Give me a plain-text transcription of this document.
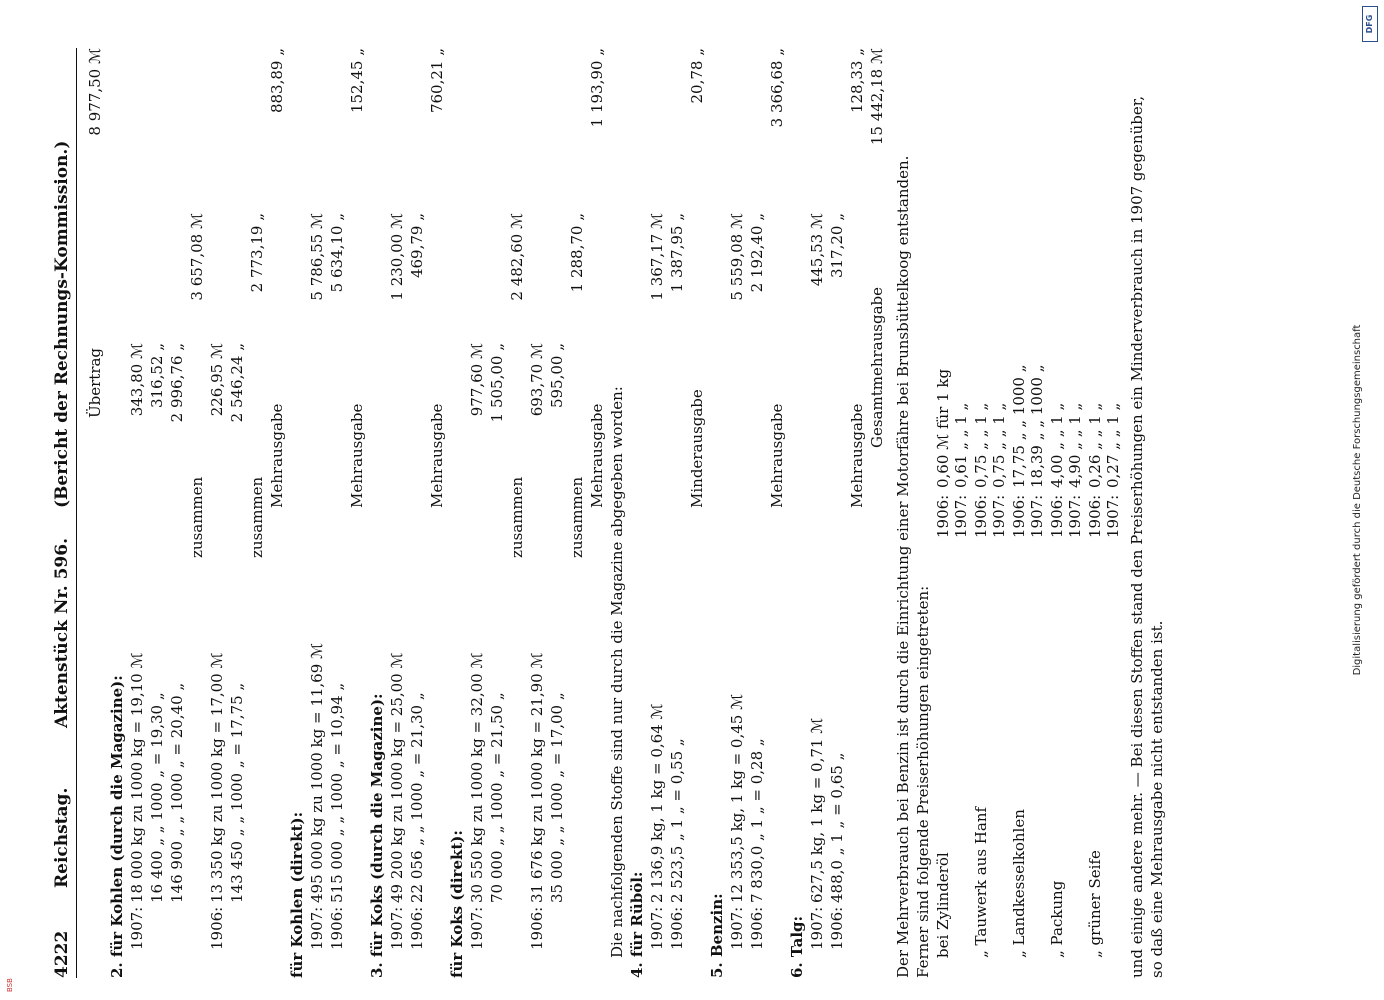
4222
Reichstag.
Aktenstück Nr. 596.
(Bericht der Rechnungs-Kommission.) Übertrag
8 977,50 ℳ
2. für Kohlen (durch die Magazine): 1907:
18 000 kg zu 1000 kg = 19,10 ℳ
343,80 ℳ
16 400 „ „ 1000 „ = 19,30 „
316,52 „
146 900 „ „ 1000 „ = 20,40 „
2 996,76 „
zusammen
3 657,08 ℳ
1906:
13 350 kg zu 1000 kg = 17,00 ℳ
226,95 ℳ
143 450 „ „ 1000 „ = 17,75 „
2 546,24 „
zusammen
2 773,19 „
Mehrausgabe
883,89 „
für Kohlen (direkt): 1907:
495 000 kg zu 1000 kg = 11,69 ℳ
5 786,55 ℳ
1906:
515 000 „ „ 1000 „ = 10,94 „
5 634,10 „
Mehrausgabe
152,45 „
3. für Koks (durch die Magazine): 1907:
49 200 kg zu 1000 kg = 25,00 ℳ
1 230,00 ℳ
1906:
22 056 „ „ 1000 „ = 21,30 „
469,79 „
Mehrausgabe
760,21 „
für Koks (direkt): 1907:
30 550 kg zu 1000 kg = 32,00 ℳ
977,60 ℳ
70 000 „ „ 1000 „ = 21,50 „
1 505,00 „
zusammen
2 482,60 ℳ
1906:
31 676 kg zu 1000 kg = 21,90 ℳ
693,70 ℳ
35 000 „ „ 1000 „ = 17,00 „
595,00 „
zusammen
1 288,70 „
Mehrausgabe
1 193,90 „
Die nachfolgenden Stoffe sind nur durch die Magazine abgegeben worden: 4. für Rüböl: 1907:
2 136,9 kg, 1 kg = 0,64 ℳ
1 367,17 ℳ
1906:
2 523,5 „ 1 „ = 0,55 „
1 387,95 „
Minderausgabe
20,78 „
5. Benzin: 1907:
12 353,5 kg, 1 kg = 0,45 ℳ
5 559,08 ℳ
1906:
7 830,0 „ 1 „ = 0,28 „
2 192,40 „
Mehrausgabe
3 366,68 „
6. Talg: 1907:
627,5 kg, 1 kg = 0,71 ℳ
445,53 ℳ
1906:
488,0 „ 1 „ = 0,65 „
317,20 „
Mehrausgabe
128,33 „
Gesamtmehrausgabe
15 442,18 ℳ
Der Mehrverbrauch bei Benzin ist durch die Einrichtung einer Motorfähre bei Brunsbüttelkoog entstanden. Ferner sind folgende Preiserhöhungen eingetreten: bei Zylinderöl
1906:
0,60 ℳ für 1 kg
1907:
0,61 „ „ 1 „
„ Tauwerk aus Hanf
1906:
0,75 „ „ 1 „
1907:
0,75 „ „ 1 „
„ Landkesselkohlen
1906:
17,75 „ „ 1000 „
1907:
18,39 „ „ 1000 „
„ Packung
1906:
4,00 „ „ 1 „
1907:
4,90 „ „ 1 „
„ grüner Seife
1906:
0,26 „ „ 1 „
1907:
0,27 „ „ 1 „ und einige andere mehr. — Bei diesen Stoffen stand den Preiserhöhungen ein Minderverbrauch in 1907 gegenüber, so daß eine Mehrausgabe nicht entstanden ist.
Digitalisierung gefördert durch die Deutsche Forschungsgemeinschaft
DFG
BSB
